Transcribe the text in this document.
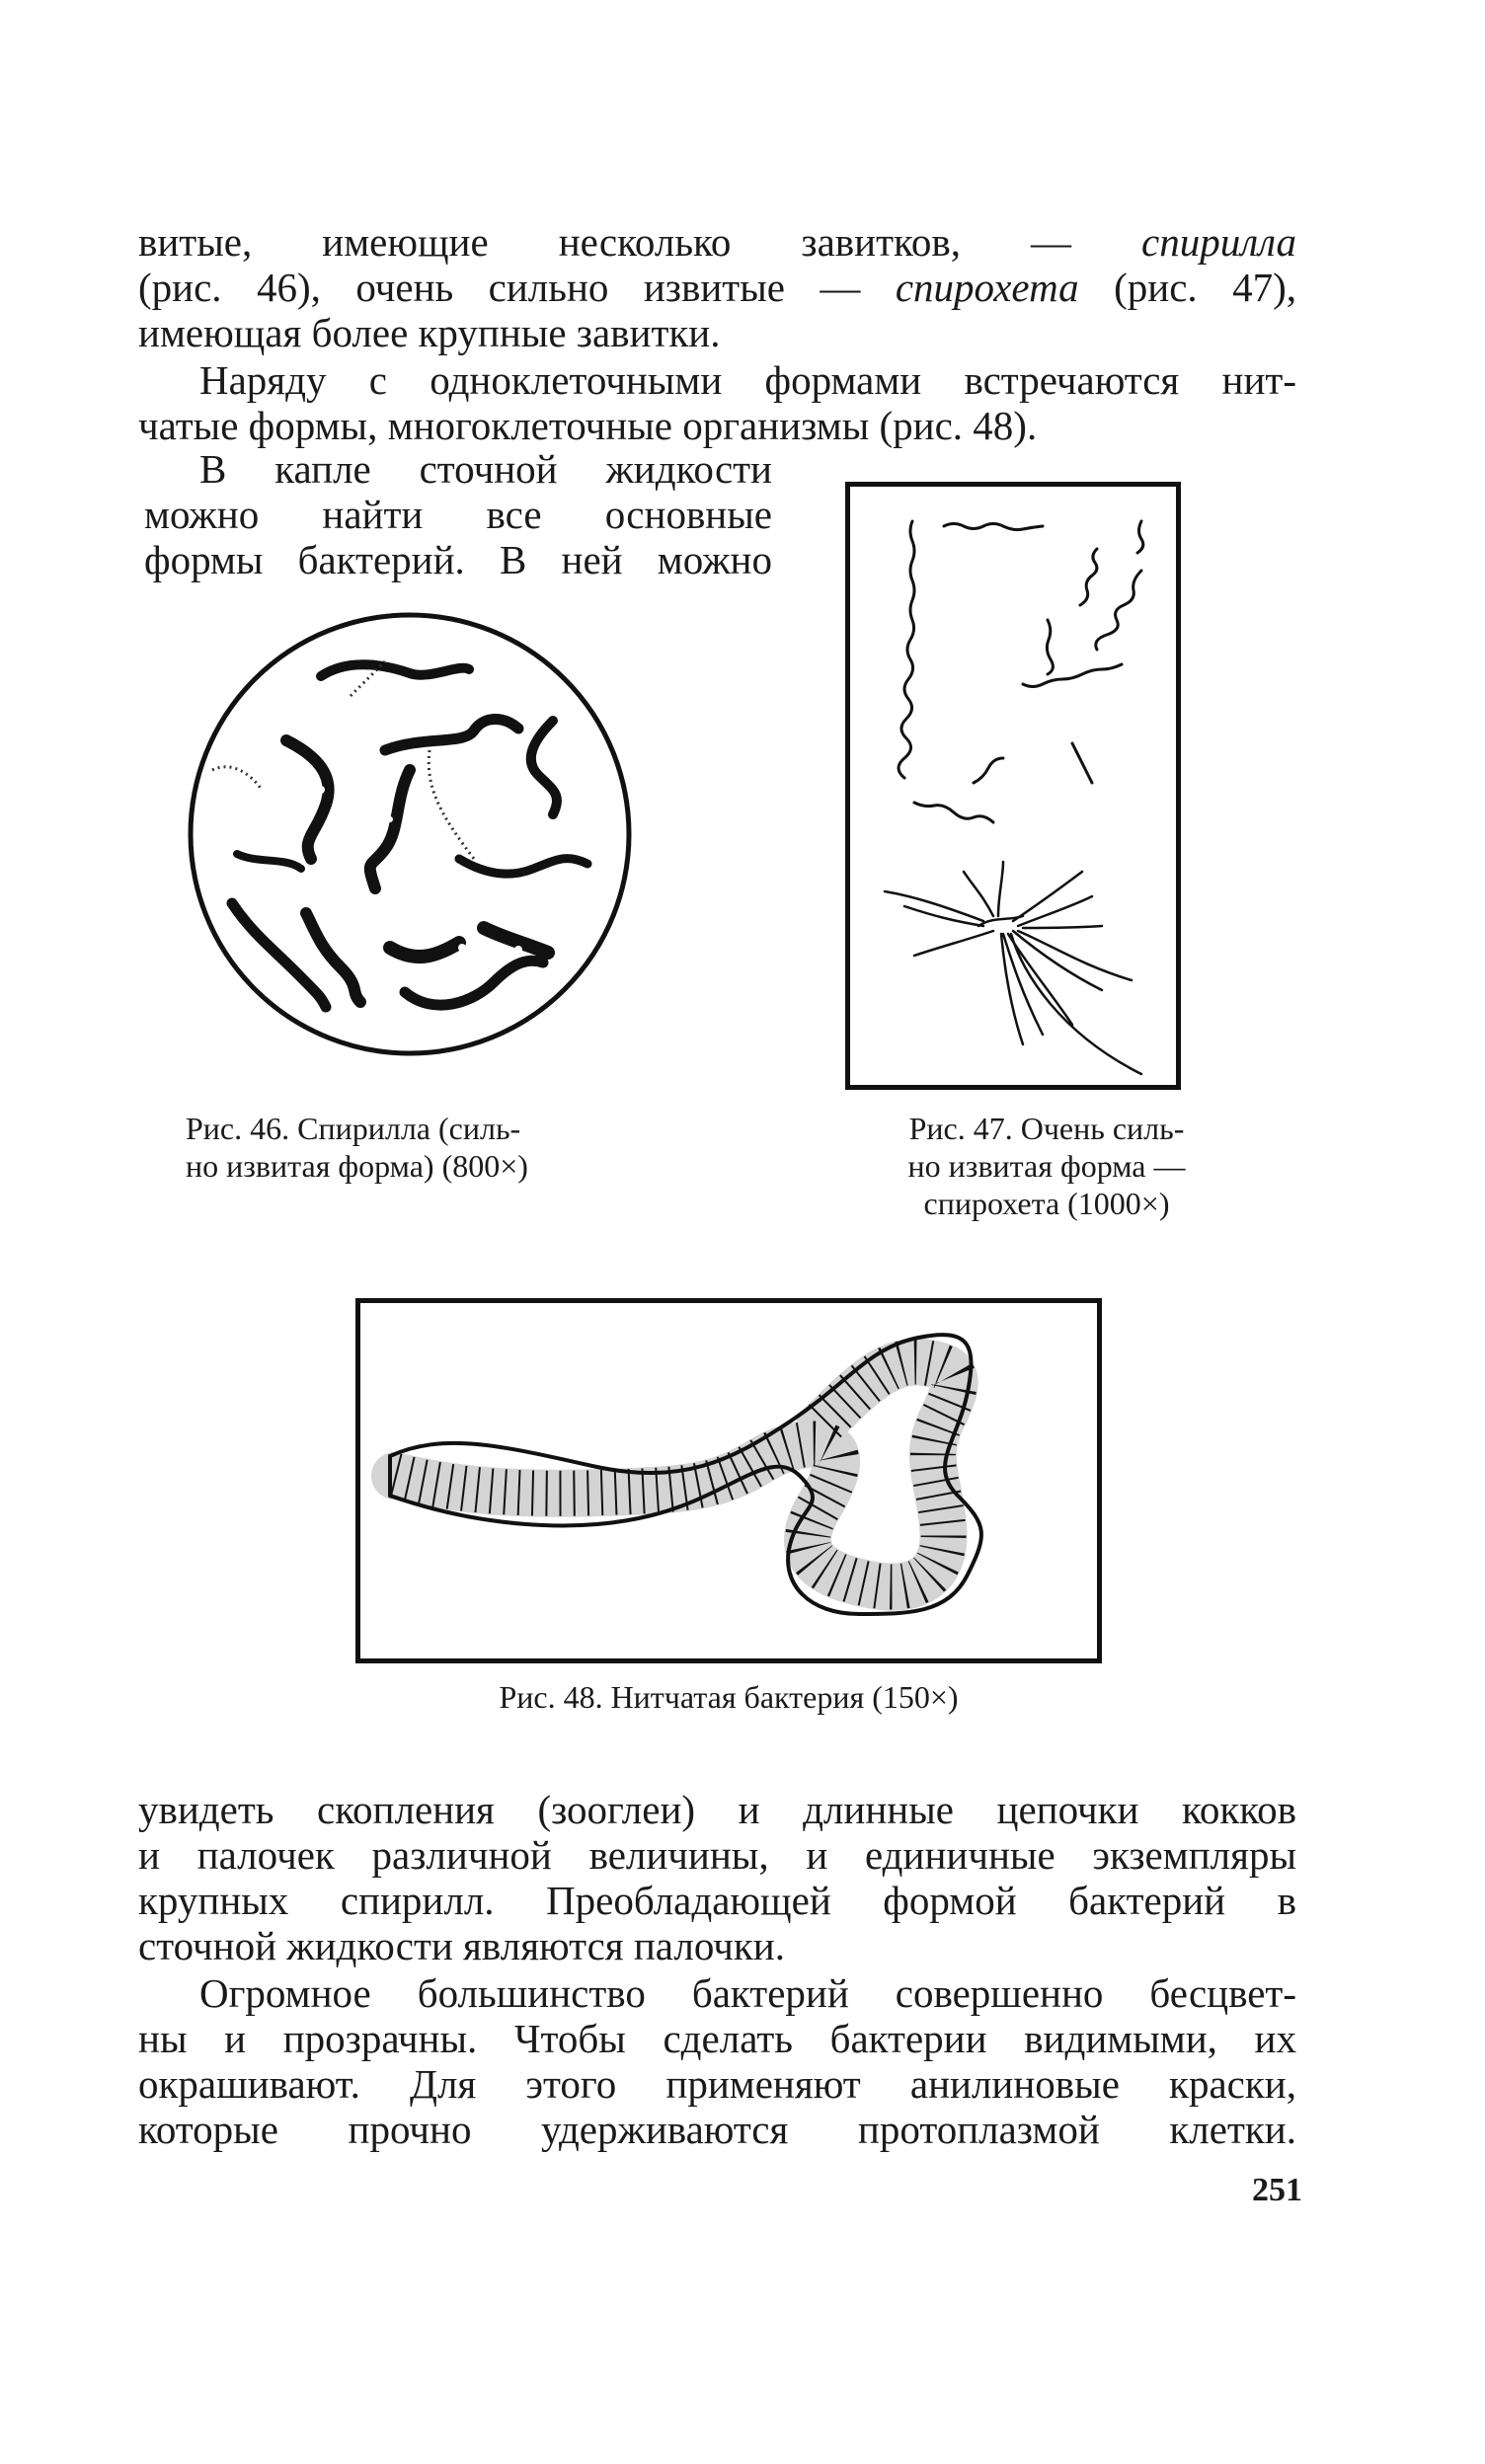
витые, имеющие несколько завитков, — спирилла
(рис. 46), очень сильно извитые — спирохета (рис. 47),
имеющая более крупные завитки.
Наряду с одноклеточными формами встречаются нит-
чатые формы, многоклеточные организмы (рис. 48).
В капле сточной жидкости
можно найти все основные
формы бактерий. В ней можно
Рис. 46. Спирилла (силь-
но извитая форма) (800×)
Рис. 47. Очень силь-
но извитая форма —
спирохета (1000×)
Рис. 48. Нитчатая бактерия (150×)
увидеть скопления (зооглеи) и длинные цепочки кокков
и палочек различной величины, и единичные экземпляры
крупных спирилл. Преобладающей формой бактерий в
сточной жидкости являются палочки.
Огромное большинство бактерий совершенно бесцвет-
ны и прозрачны. Чтобы сделать бактерии видимыми, их
окрашивают. Для этого применяют анилиновые краски,
которые прочно удерживаются протоплазмой клетки.
251
